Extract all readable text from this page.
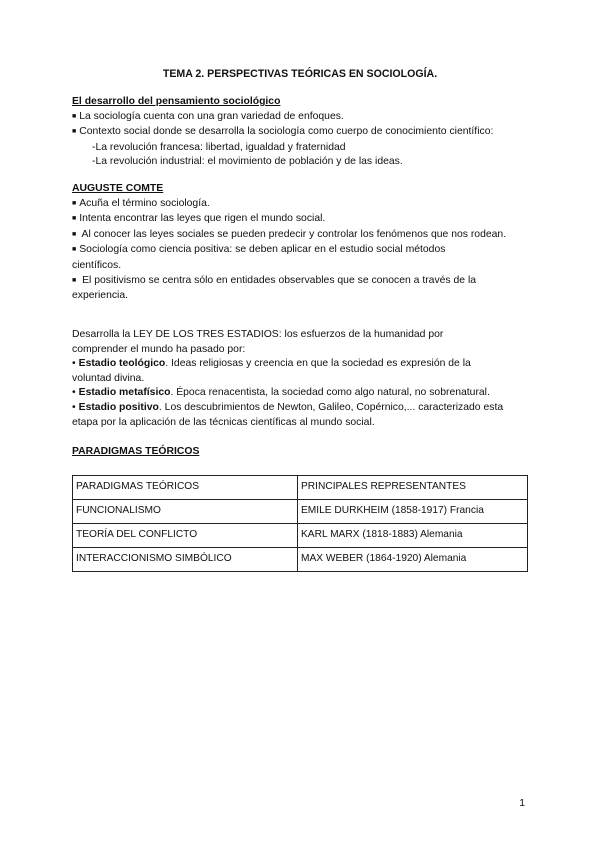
TEMA 2. PERSPECTIVAS TEÓRICAS EN SOCIOLOGÍA.

El desarrollo del pensamiento sociológico

■ La sociología cuenta con una gran variedad de enfoques.

■ Contexto social donde se desarrolla la sociología como cuerpo de conocimiento científico:

-La revolución francesa: libertad, igualdad y fraternidad

-La revolución industrial: el movimiento de población y de las ideas.

AUGUSTE COMTE

■ Acuña el término sociología.

■ Intenta encontrar las leyes que rigen el mundo social.

■ Al conocer las leyes sociales se pueden predecir y controlar los fenómenos que nos rodean.

■ Sociología como ciencia positiva: se deben aplicar en el estudio social métodos científicos.

■ El positivismo se centra sólo en entidades observables que se conocen a través de la experiencia.

Desarrolla la LEY DE LOS TRES ESTADIOS: los esfuerzos de la humanidad por comprender el mundo ha pasado por:

• Estadio teológico. Ideas religiosas y creencia en que la sociedad es expresión de la voluntad divina.

• Estadio metafísico. Época renacentista, la sociedad como algo natural, no sobrenatural.

• Estadio positivo. Los descubrimientos de Newton, Galileo, Copérnico,... caracterizado esta etapa por la aplicación de las técnicas científicas al mundo social.

PARADIGMAS TEÓRICOS

PARADIGMAS TEÓRICOS	PRINCIPALES REPRESENTANTES
FUNCIONALISMO	EMILE DURKHEIM (1858-1917) Francia
TEORÍA DEL CONFLICTO	KARL MARX (1818-1883) Alemania
INTERACCIONISMO SIMBÓLICO	MAX WEBER (1864-1920) Alemania
1
